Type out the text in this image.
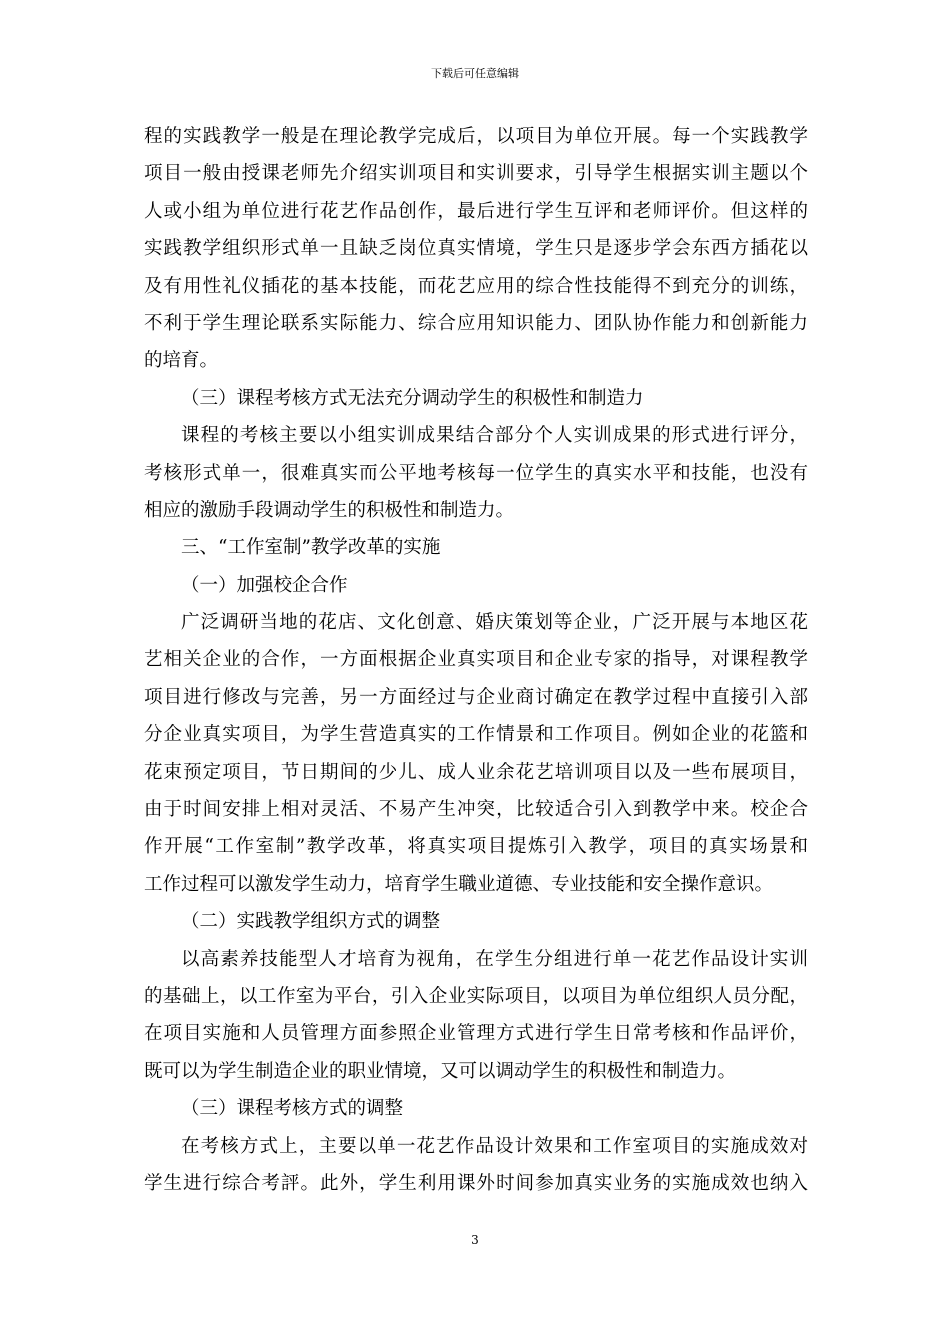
下载后可任意编辑
程的实践教学一般是在理论教学完成后，以项目为单位开展。每一个实践教学
项目一般由授课老师先介绍实训项目和实训要求，引导学生根据实训主题以个
人或小组为单位进行花艺作品创作，最后进行学生互评和老师评价。但这样的
实践教学组织形式单一且缺乏岗位真实情境，学生只是逐步学会东西方插花以
及有用性礼仪插花的基本技能，而花艺应用的综合性技能得不到充分的训练，
不利于学生理论联系实际能力、综合应用知识能力、团队协作能力和创新能力
的培育。
（三）课程考核方式无法充分调动学生的积极性和制造力
课程的考核主要以小组实训成果结合部分个人实训成果的形式进行评分，
考核形式单一，很难真实而公平地考核每一位学生的真实水平和技能，也没有
相应的激励手段调动学生的积极性和制造力。
三、“工作室制”教学改革的实施
（一）加强校企合作
广泛调研当地的花店、文化创意、婚庆策划等企业，广泛开展与本地区花
艺相关企业的合作，一方面根据企业真实项目和企业专家的指导，对课程教学
项目进行修改与完善，另一方面经过与企业商讨确定在教学过程中直接引入部
分企业真实项目，为学生营造真实的工作情景和工作项目。例如企业的花篮和
花束预定项目，节日期间的少儿、成人业余花艺培训项目以及一些布展项目，
由于时间安排上相对灵活、不易产生冲突，比较适合引入到教学中来。校企合
作开展“工作室制”教学改革，将真实项目提炼引入教学，项目的真实场景和
工作过程可以激发学生动力，培育学生職业道德、专业技能和安全操作意识。
（二）实践教学组织方式的调整
以高素养技能型人才培育为视角，在学生分组进行单一花艺作品设计实训
的基础上，以工作室为平台，引入企业实际项目，以项目为单位组织人员分配，
在项目实施和人员管理方面参照企业管理方式进行学生日常考核和作品评价，
既可以为学生制造企业的职业情境，又可以调动学生的积极性和制造力。
（三）课程考核方式的调整
在考核方式上，主要以单一花艺作品设计效果和工作室项目的实施成效对
学生进行综合考評。此外，学生利用课外时间参加真实业务的实施成效也纳入
3
